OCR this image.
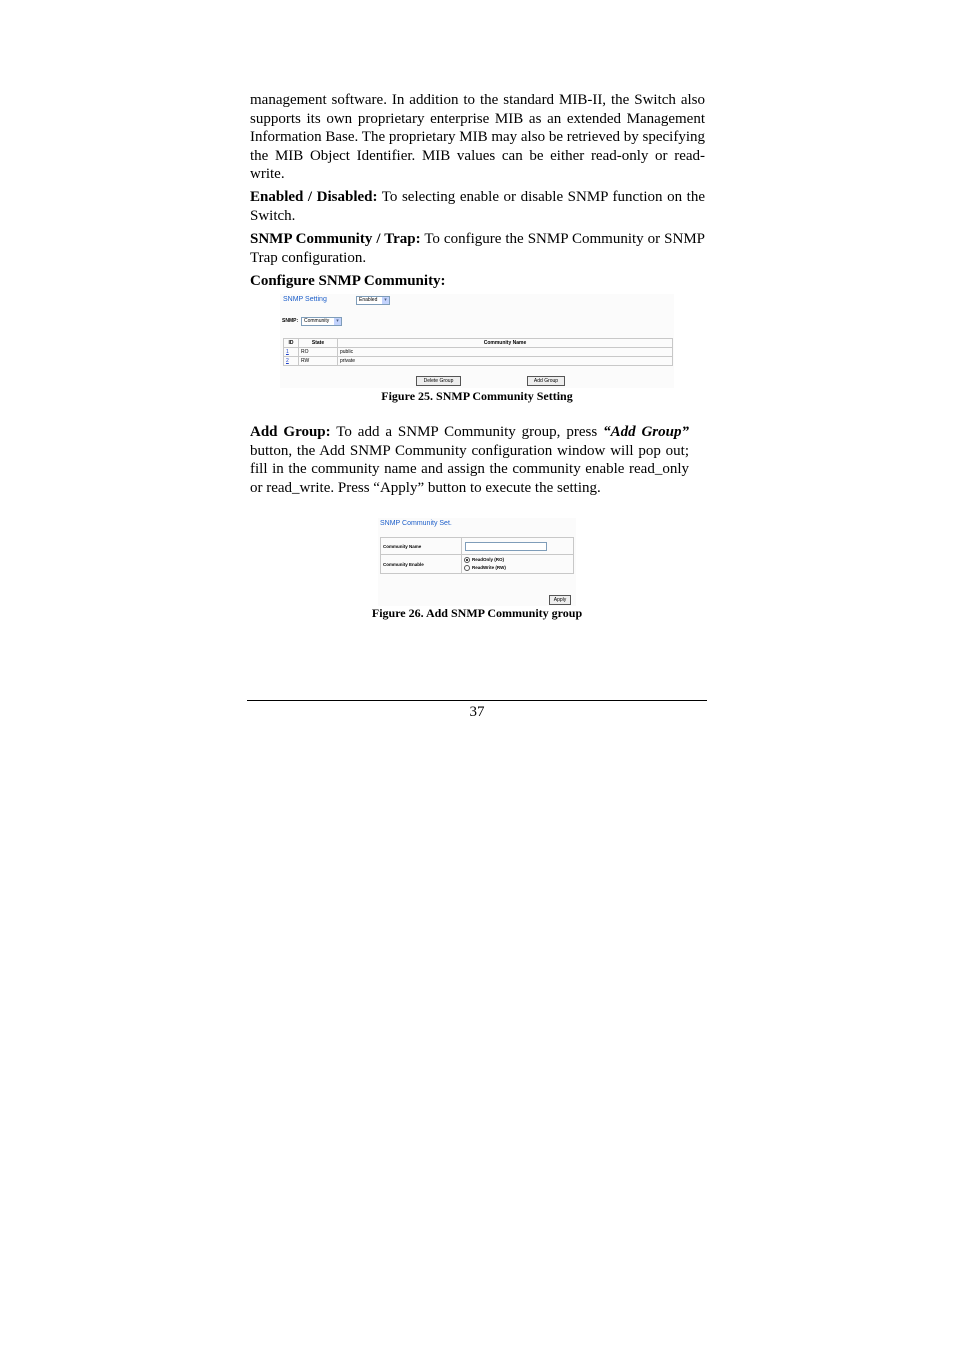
management software. In addition to the standard MIB-II, the Switch also supports its own proprietary enterprise MIB as an extended Management Information Base. The proprietary MIB may also be retrieved by specifying the MIB Object Identifier. MIB values can be either read-only or read-write.

Enabled / Disabled: To selecting enable or disable SNMP function on the Switch.

SNMP Community / Trap: To configure the SNMP Community or SNMP Trap configuration.

Configure SNMP Community:

SNMP Setting	Enabled	▾
SNMP:	Community	▾
ID	State	Community Name
1	RO	public
2	RW	private
Delete Group	Add Group
Figure 25. SNMP Community Setting

Add Group: To add a SNMP Community group, press “Add Group” button, the Add SNMP Community configuration window will pop out; fill in the community name and assign the community enable read_only or read_write. Press “Apply” button to execute the setting.

SNMP Community Set.
Community Name	

Community Enable	ReadOnly (RO)
ReadWrite (RW)
Apply
Figure 26. Add SNMP Community group
37
